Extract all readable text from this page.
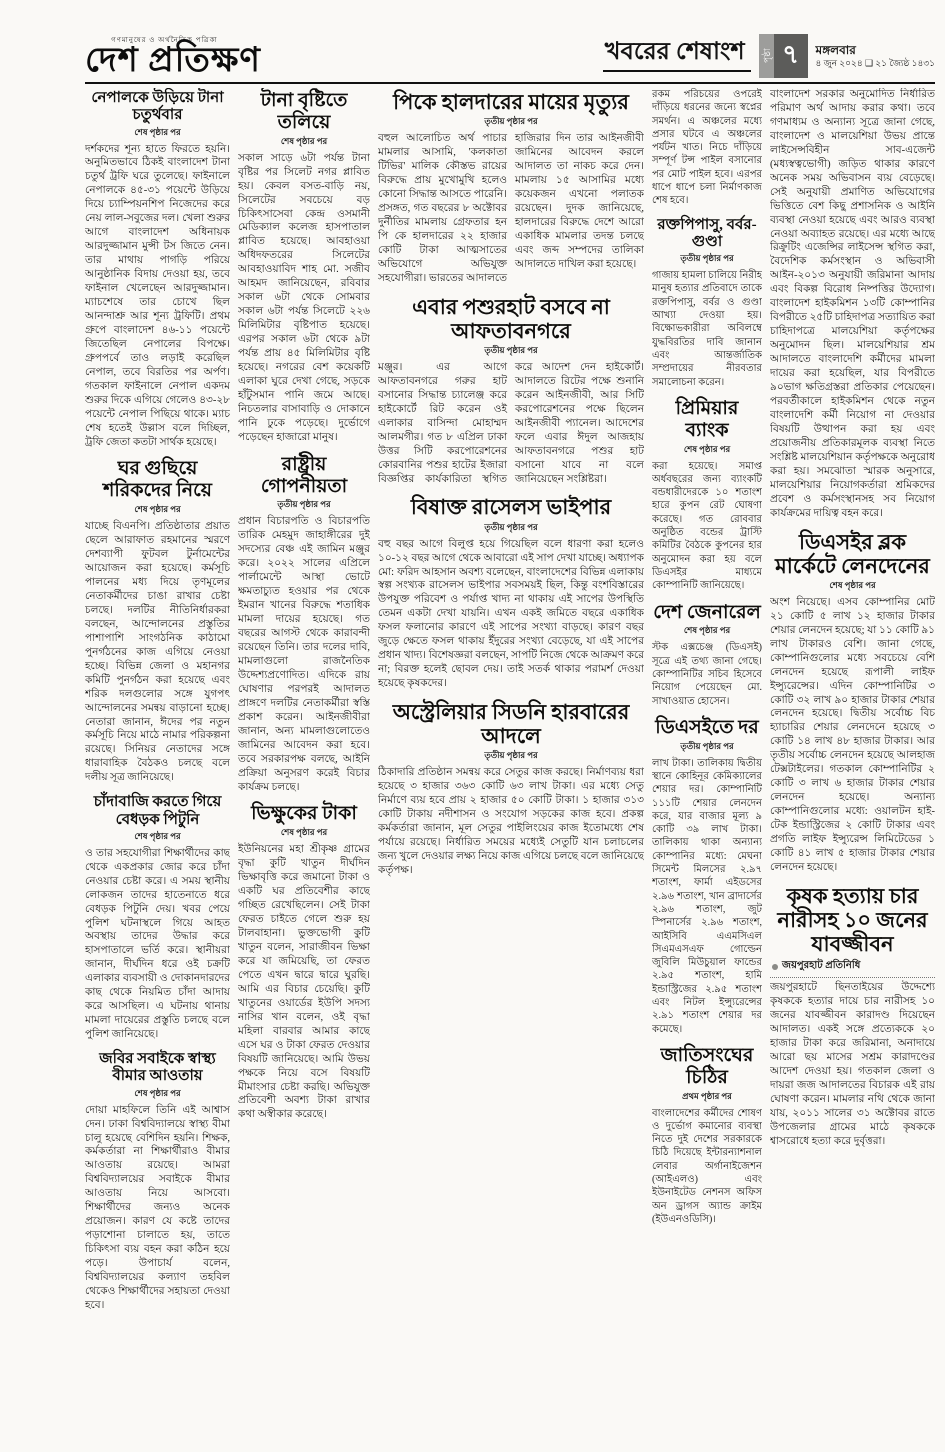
গণমানুষের ও অর্থনৈতিক পত্রিকা
দেশ প্রতিক্ষণ	খবরের শেষাংশ	পৃষ্ঠা ৭	মঙ্গলবার
৪ জুন ২০২৪ ❑ ২১ জ্যৈষ্ঠ ১৪৩১
নেপালকে উড়িয়ে টানা চতুর্থবার
শেষ পৃষ্ঠার পর
দর্শকদের শূন্য হাতে ফিরতে হয়নি। অনুমিতভাবে ঠিকই বাংলাদেশ টানা চতুর্থ ট্রফি ঘরে তুলেছে। ফাইনালে নেপালকে ৪৫-৩১ পয়েন্টে উড়িয়ে দিয়ে চ্যাম্পিয়নশিপ নিজেদের করে নেয় লাল-সবুজের দল। খেলা শুরুর আগে বাংলাদেশ অধিনায়ক আরদুজ্জামান মুন্সী টস জিতে নেন। তার মাথায় পাগড়ি পরিয়ে আনুষ্ঠানিক বিদায় দেওয়া হয়, তবে ফাইনাল খেলেছেন আরদুজ্জামান। ম্যাচশেষে তার চোখে ছিল আনন্দাশ্রু আর শূন্য ট্রফিটি। প্রথম গ্রুপে বাংলাদেশ ৪৬-১১ পয়েন্টে জিতেছিল নেপালের বিপক্ষে। গ্রুপপর্বে তাও লড়াই করেছিল নেপাল, তবে বিরতির পর অর্পণ। গতকাল ফাইনালে নেপাল একদম শুরুর দিকে এগিয়ে গেলেও ৪৩-২৮ পয়েন্টে নেপাল পিছিয়ে থাকে। ম্যাচ শেষ হতেই উল্লাস বলে দিচ্ছিল, ট্রফি জেতা কতটা সার্থক হয়েছে।
ঘর গুছিয়ে শরিকদের নিয়ে
শেষ পৃষ্ঠার পর
যাচ্ছে বিএনপি। প্রতিষ্ঠাতার প্রয়াত ছেলে আরাফাত রহমানের স্মরণে দেশব্যাপী ফুটবল টুর্নামেন্টের আয়োজন করা হয়েছে। কর্মসূচি পালনের মধ্য দিয়ে তৃণমূলের নেতাকর্মীদের চাঙা রাখার চেষ্টা চলছে। দলটির নীতিনির্ধারকরা বলছেন, আন্দোলনের প্রস্তুতির পাশাপাশি সাংগঠনিক কাঠামো পুনর্গঠনের কাজ এগিয়ে নেওয়া হচ্ছে। বিভিন্ন জেলা ও মহানগর কমিটি পুনর্গঠন করা হয়েছে এবং শরিক দলগুলোর সঙ্গে যুগপৎ আন্দোলনের সমন্বয় বাড়ানো হচ্ছে। নেতারা জানান, ঈদের পর নতুন কর্মসূচি নিয়ে মাঠে নামার পরিকল্পনা রয়েছে। সিনিয়র নেতাদের সঙ্গে ধারাবাহিক বৈঠকও চলছে বলে দলীয় সূত্র জানিয়েছে।
চাঁদাবাজি করতে গিয়ে বেধড়ক পিটুনি
শেষ পৃষ্ঠার পর
ও তার সহযোগীরা শিক্ষার্থীদের কাছ থেকে একপ্রকার জোর করে চাঁদা নেওয়ার চেষ্টা করে। এ সময় স্থানীয় লোকজন তাদের হাতেনাতে ধরে বেধড়ক পিটুনি দেয়। খবর পেয়ে পুলিশ ঘটনাস্থলে গিয়ে আহত অবস্থায় তাদের উদ্ধার করে হাসপাতালে ভর্তি করে। স্থানীয়রা জানান, দীর্ঘদিন ধরে ওই চক্রটি এলাকার ব্যবসায়ী ও দোকানদারদের কাছ থেকে নিয়মিত চাঁদা আদায় করে আসছিল। এ ঘটনায় থানায় মামলা দায়েরের প্রস্তুতি চলছে বলে পুলিশ জানিয়েছে।
জবির সবাইকে স্বাস্থ্য বীমার আওতায়
শেষ পৃষ্ঠার পর
দোয়া মাহফিলে তিনি এই আশ্বাস দেন। ঢাকা বিশ্ববিদ্যালয়ে স্বাস্থ্য বীমা চালু হয়েছে বেশিদিন হয়নি। শিক্ষক, কর্মকর্তারা না শিক্ষার্থীরাও বীমার আওতায় রয়েছে। আমরা বিশ্ববিদ্যালয়ের সবাইকে বীমার আওতায় নিয়ে আসবো। শিক্ষার্থীদের জন্যও অনেক প্রয়োজন। কারণ যে কষ্টে তাদের পড়াশোনা চালাতে হয়, তাতে চিকিৎসা ব্যয় বহন করা কঠিন হয়ে পড়ে। উপাচার্য বলেন, বিশ্ববিদ্যালয়ের কল্যাণ তহবিল থেকেও শিক্ষার্থীদের সহায়তা দেওয়া হবে।
টানা বৃষ্টিতে তলিয়ে
শেষ পৃষ্ঠার পর
সকাল সাড়ে ৬টা পর্যন্ত টানা বৃষ্টির পর সিলেট নগর প্লাবিত হয়। কেবল বসত-বাড়ি নয়, সিলেটের সবচেয়ে বড় চিকিৎসাসেবা কেন্দ্র ওসমানী মেডিক্যাল কলেজ হাসপাতাল প্লাবিত হয়েছে। আবহাওয়া অধিদফতরের সিলেটের আবহাওয়াবিদ শাহ মো. সজীব আহমদ জানিয়েছেন, রবিবার সকাল ৬টা থেকে সোমবার সকাল ৬টা পর্যন্ত সিলেটে ২২৬ মিলিমিটার বৃষ্টিপাত হয়েছে। এরপর সকাল ৬টা থেকে ৯টা পর্যন্ত প্রায় ৪৫ মিলিমিটার বৃষ্টি হয়েছে। নগরের বেশ কয়েকটি এলাকা ঘুরে দেখা গেছে, সড়কে হাঁটুসমান পানি জমে আছে। নিচতলার বাসাবাড়ি ও দোকানে পানি ঢুকে পড়েছে। দুর্ভোগে পড়েছেন হাজারো মানুষ।
রাষ্ট্রীয় গোপনীয়তা
তৃতীয় পৃষ্ঠার পর
প্রধান বিচারপতি ও বিচারপতি তারিক মেহমুদ জাহাঙ্গীরের দুই সদস্যের বেঞ্চ এই জামিন মঞ্জুর করে। ২০২২ সালের এপ্রিলে পার্লামেন্টে আস্থা ভোটে ক্ষমতাচ্যুত হওয়ার পর থেকে ইমরান খানের বিরুদ্ধে শতাধিক মামলা দায়ের হয়েছে। গত বছরের আগস্ট থেকে কারাবন্দী রয়েছেন তিনি। তার দলের দাবি, মামলাগুলো রাজনৈতিক উদ্দেশ্যপ্রণোদিত। এদিকে রায় ঘোষণার পরপরই আদালত প্রাঙ্গণে দলটির নেতাকর্মীরা স্বস্তি প্রকাশ করেন। আইনজীবীরা জানান, অন্য মামলাগুলোতেও জামিনের আবেদন করা হবে। তবে সরকারপক্ষ বলছে, আইনি প্রক্রিয়া অনুসরণ করেই বিচার কার্যক্রম চলছে।
ভিক্ষুকের টাকা
শেষ পৃষ্ঠার পর
ইউনিয়নের মহা শ্রীকৃষ্ণ গ্রামের বৃদ্ধা কুটি খাতুন দীর্ঘদিন ভিক্ষাবৃত্তি করে জমানো টাকা ও একটি ঘর প্রতিবেশীর কাছে গচ্ছিত রেখেছিলেন। সেই টাকা ফেরত চাইতে গেলে শুরু হয় টালবাহানা। ভুক্তভোগী কুটি খাতুন বলেন, সারাজীবন ভিক্ষা করে যা জমিয়েছি, তা ফেরত পেতে এখন দ্বারে দ্বারে ঘুরছি। আমি এর বিচার চেয়েছি। কুটি খাতুনের ওয়ার্ডের ইউপি সদস্য নাসির খান বলেন, ওই বৃদ্ধা মহিলা বারবার আমার কাছে এসে ঘর ও টাকা ফেরত দেওয়ার বিষয়টি জানিয়েছে। আমি উভয় পক্ষকে নিয়ে বসে বিষয়টি মীমাংসার চেষ্টা করছি। অভিযুক্ত প্রতিবেশী অবশ্য টাকা রাখার কথা অস্বীকার করেছে।
পিকে হালদারের মায়ের মৃত্যুর
তৃতীয় পৃষ্ঠার পর
বহুল আলোচিত অর্থ পাচার মামলার আসামি, 'কলকাতা টিভির' মালিক কৌস্তভ রায়ের বিরুদ্ধে প্রায় মুখোমুখি হলেও কোনো সিদ্ধান্ত আসতে পারেনি। প্রসঙ্গত, গত বছরের ৮ অক্টোবর দুর্নীতির মামলায় গ্রেফতার হন পি কে হালদারের ২২ হাজার কোটি টাকা আত্মসাতের অভিযোগে অভিযুক্ত সহযোগীরা। ভারতের আদালতে হাজিরার দিন তার আইনজীবী জামিনের আবেদন করলে আদালত তা নাকচ করে দেন। মামলায় ১৫ আসামির মধ্যে কয়েকজন এখনো পলাতক রয়েছেন। দুদক জানিয়েছে, হালদারের বিরুদ্ধে দেশে আরো একাধিক মামলার তদন্ত চলছে এবং জব্দ সম্পদের তালিকা আদালতে দাখিল করা হয়েছে।
এবার পশুরহাট বসবে না আফতাবনগরে
তৃতীয় পৃষ্ঠার পর
মঞ্জুর। এর আগে আফতাবনগরে গরুর হাট বসানোর সিদ্ধান্ত চ্যালেঞ্জ করে হাইকোর্টে রিট করেন ওই এলাকার বাসিন্দা মোহাম্মদ আলমগীর। গত ৮ এপ্রিল ঢাকা উত্তর সিটি করপোরেশনের কোরবানির পশুর হাটের ইজারা বিজ্ঞপ্তির কার্যকারিতা স্থগিত করে আদেশ দেন হাইকোর্ট। আদালতে রিটের পক্ষে শুনানি করেন আইনজীবী, আর সিটি করপোরেশনের পক্ষে ছিলেন আইনজীবী প্যানেল। আদেশের ফলে এবার ঈদুল আজহায় আফতাবনগরে পশুর হাট বসানো যাবে না বলে জানিয়েছেন সংশ্লিষ্টরা।
বিষাক্ত রাসেলস ভাইপার
তৃতীয় পৃষ্ঠার পর
বহু বছর আগে বিলুপ্ত হয়ে গিয়েছিল বলে ধারণা করা হলেও ১০-১২ বছর আগে থেকে আবারো এই সাপ দেখা যাচ্ছে। অধ্যাপক মো: ফরিদ আহসান অবশ্য বলেছেন, বাংলাদেশের বিভিন্ন এলাকায় স্বল্প সংখ্যক রাসেলস ভাইপার সবসময়ই ছিল, কিন্তু বংশবিস্তারের উপযুক্ত পরিবেশ ও পর্যাপ্ত খাদ্য না থাকায় এই সাপের উপস্থিতি তেমন একটা দেখা যায়নি। এখন একই জমিতে বছরে একাধিক ফসল ফলানোর কারণে এই সাপের সংখ্যা বাড়ছে। কারণ বছর জুড়ে ক্ষেতে ফসল থাকায় ইঁদুরের সংখ্যা বেড়েছে, যা এই সাপের প্রধান খাদ্য। বিশেষজ্ঞরা বলছেন, সাপটি নিজে থেকে আক্রমণ করে না; বিরক্ত হলেই ছোবল দেয়। তাই সতর্ক থাকার পরামর্শ দেওয়া হয়েছে কৃষকদের।
অস্ট্রেলিয়ার সিডনি হারবারের আদলে
তৃতীয় পৃষ্ঠার পর
ঠিকাদারি প্রতিষ্ঠান সমন্বয় করে সেতুর কাজ করছে। নির্মাণব্যয় ধরা হয়েছে ৩ হাজার ৩৬৩ কোটি ৬৩ লাখ টাকা। এর মধ্যে সেতু নির্মাণে ব্যয় হবে প্রায় ২ হাজার ৫০ কোটি টাকা। ১ হাজার ৩১৩ কোটি টাকায় নদীশাসন ও সংযোগ সড়কের কাজ হবে। প্রকল্প কর্মকর্তারা জানান, মূল সেতুর পাইলিংয়ের কাজ ইতোমধ্যে শেষ পর্যায়ে রয়েছে। নির্ধারিত সময়ের মধ্যেই সেতুটি যান চলাচলের জন্য খুলে দেওয়ার লক্ষ্য নিয়ে কাজ এগিয়ে চলছে বলে জানিয়েছে কর্তৃপক্ষ।
রকম পরিচয়ের ওপরেই দাঁড়িয়ে ধরনের জন্যে স্বপ্নের সমর্থন। এ অঞ্চলের মধ্যে প্রসার ঘটবে এ অঞ্চলের পর্যটন খাত। নিচে দাঁড়িয়ে সম্পূর্ণ টন্স পাইল বসানোর পর মোট পাইল হবে। এরপর ধাপে ধাপে চলা নির্মাণকাজ শেষ হবে।
রক্তপিপাসু, বর্বর-গুণ্ডা
তৃতীয় পৃষ্ঠার পর
গাজায় হামলা চালিয়ে নিরীহ মানুষ হত্যার প্রতিবাদে তাকে রক্তপিপাসু, বর্বর ও গুণ্ডা আখ্যা দেওয়া হয়। বিক্ষোভকারীরা অবিলম্বে যুদ্ধবিরতির দাবি জানান এবং আন্তর্জাতিক সম্প্রদায়ের নীরবতার সমালোচনা করেন।
প্রিমিয়ার ব্যাংক
শেষ পৃষ্ঠার পর
করা হয়েছে। সমাপ্ত অর্ধবছরের জন্য ব্যাংকটি বন্ডধারীদেরকে ১০ শতাংশ হারে কুপন রেট ঘোষণা করেছে। গত রোববার অনুষ্ঠিত বন্ডের ট্রাস্টি কমিটির বৈঠকে কুপনের হার অনুমোদন করা হয় বলে ডিএসইর মাধ্যমে কোম্পানিটি জানিয়েছে।
দেশ জেনারেল
শেষ পৃষ্ঠার পর
স্টক এক্সচেঞ্জ (ডিএসই) সূত্রে এই তথ্য জানা গেছে। কোম্পানিটির সচিব হিসেবে নিয়োগ পেয়েছেন মো. সাখাওয়াত হোসেন।
ডিএসইতে দর
তৃতীয় পৃষ্ঠার পর
লাখ টাকা। তালিকায় দ্বিতীয় স্থানে কোহিনূর কেমিক্যালের শেয়ার দর। কোম্পানিটি ১১১টি শেয়ার লেনদেন করে, যার বাজার মূল্য ৯ কোটি ৩৯ লাখ টাকা। তালিকায় থাকা অন্যান্য কোম্পানির মধ্যে: মেঘনা সিমেন্ট মিলসের ২.৯৭ শতাংশ, ফার্মা এইডসের ২.৯৬ শতাংশ, খান ব্রাদার্সের ২.৯৬ শতাংশ, জুট স্পিনার্সের ২.৯৬ শতাংশ, আইসিবি এএমসিএল সিএমএসএফ গোল্ডেন জুবিলি মিউচুয়াল ফান্ডের ২.৯৫ শতাংশ, হামি ইন্ডাস্ট্রিজের ২.৯৫ শতাংশ এবং নিটল ইন্স্যুরেন্সের ২.৯১ শতাংশ শেয়ার দর কমেছে।
জাতিসংঘের চিঠির
প্রথম পৃষ্ঠার পর
বাংলাদেশের কর্মীদের শোষণ ও দুর্ভোগ কমানোর ব্যবস্থা নিতে দুই দেশের সরকারকে চিঠি দিয়েছে ইন্টারন্যাশনাল লেবার অর্গানাইজেশন (আইএলও) এবং ইউনাইটেড নেশনস অফিস অন ড্রাগস অ্যান্ড ক্রাইম (ইউএনওডিসি)।
বাংলাদেশ সরকার অনুমোদিত নির্ধারিত পরিমাণ অর্থ আদায় করার কথা। তবে গণমাধ্যম ও অন্যান্য সূত্রে জানা গেছে, বাংলাদেশ ও মালয়েশিয়া উভয় প্রান্তে লাইসেন্সবিহীন সাব-এজেন্ট (মধ্যস্বত্বভোগী) জড়িত থাকার কারণে অনেক সময় অভিবাসন ব্যয় বেড়েছে। সেই অনুযায়ী প্রমাণিত অভিযোগের ভিত্তিতে বেশ কিছু প্রশাসনিক ও আইনি ব্যবস্থা নেওয়া হয়েছে এবং আরও ব্যবস্থা নেওয়া অব্যাহত রয়েছে। এর মধ্যে আছে রিক্রুটিং এজেন্সির লাইসেন্স স্থগিত করা, বৈদেশিক কর্মসংস্থান ও অভিবাসী আইন-২০১৩ অনুযায়ী জরিমানা আদায় এবং বিকল্প বিরোধ নিষ্পত্তির উদ্যোগ। বাংলাদেশ হাইকমিশন ১৩টি কোম্পানির বিপরীতে ২৫টি চাহিদাপত্র সত্যায়িত করা চাহিদাপত্রে মালয়েশিয়া কর্তৃপক্ষের অনুমোদন ছিল। মালয়েশিয়ার শ্রম আদালতে বাংলাদেশি কর্মীদের মামলা দায়ের করা হয়েছিল, যার বিপরীতে ৯০ভাগ ক্ষতিগ্রস্তরা প্রতিকার পেয়েছেন। পরবর্তীকালে হাইকমিশন থেকে নতুন বাংলাদেশি কর্মী নিয়োগ না দেওয়ার বিষয়টি উত্থাপন করা হয় এবং প্রয়োজনীয় প্রতিকারমূলক ব্যবস্থা নিতে সংশ্লিষ্ট মালয়েশিয়ান কর্তৃপক্ষকে অনুরোধ করা হয়। সমঝোতা স্মারক অনুসারে, মালয়েশিয়ার নিয়োগকর্তারা শ্রমিকদের প্রবেশ ও কর্মসংস্থানসহ সব নিয়োগ কার্যক্রমের দায়িত্ব বহন করে।
ডিএসইর ব্লক মার্কেটে লেনদেনের
শেষ পৃষ্ঠার পর
অংশ নিয়েছে। এসব কোম্পানির মোট ২১ কোটি ৫ লাখ ১২ হাজার টাকার শেয়ার লেনদেন হয়েছে; যা ১১ কোটি ৯১ লাখ টাকারও বেশি। জানা গেছে, কোম্পানিগুলোর মধ্যে সবচেয়ে বেশি লেনদেন হয়েছে রূপালী লাইফ ইন্স্যুরেন্সের। এদিন কোম্পানিটির ৩ কোটি ৩২ লাখ ৯০ হাজার টাকার শেয়ার লেনদেন হয়েছে। দ্বিতীয় সর্বোচ্চ বিচ হ্যাচারির শেয়ার লেনদেনে হয়েছে ৩ কোটি ১৪ লাখ ৪৮ হাজার টাকার। আর তৃতীয় সর্বোচ্চ লেনদেন হয়েছে আলহাজ টেক্সটাইলের। গতকাল কোম্পানিটির ২ কোটি ৩ লাখ ৬ হাজার টাকার শেয়ার লেনদেন হয়েছে। অন্যান্য কোম্পানিগুলোর মধ্যে: ওয়ালটন হাই-টেক ইন্ডাস্ট্রিজের ২ কোটি টাকার এবং প্রগতি লাইফ ইন্স্যুরেন্স লিমিটেডের ১ কোটি ৪১ লাখ ৫ হাজার টাকার শেয়ার লেনদেন হয়েছে।
কৃষক হত্যায় চার নারীসহ ১০ জনের যাবজ্জীবন
জয়পুরহাট প্রতিনিধি
জয়পুরহাটে ছিনতাইয়ের উদ্দেশ্যে কৃষককে হত্যার দায়ে চার নারীসহ ১০ জনের যাবজ্জীবন কারাদণ্ড দিয়েছেন আদালত। একই সঙ্গে প্রত্যেককে ২০ হাজার টাকা করে জরিমানা, অনাদায়ে আরো ছয় মাসের সশ্রম কারাদণ্ডের আদেশ দেওয়া হয়। গতকাল জেলা ও দায়রা জজ আদালতের বিচারক এই রায় ঘোষণা করেন। মামলার নথি থেকে জানা যায়, ২০১১ সালের ৩১ অক্টোবর রাতে উপজেলার গ্রামের মাঠে কৃষককে শ্বাসরোধে হত্যা করে দুর্বৃত্তরা।
